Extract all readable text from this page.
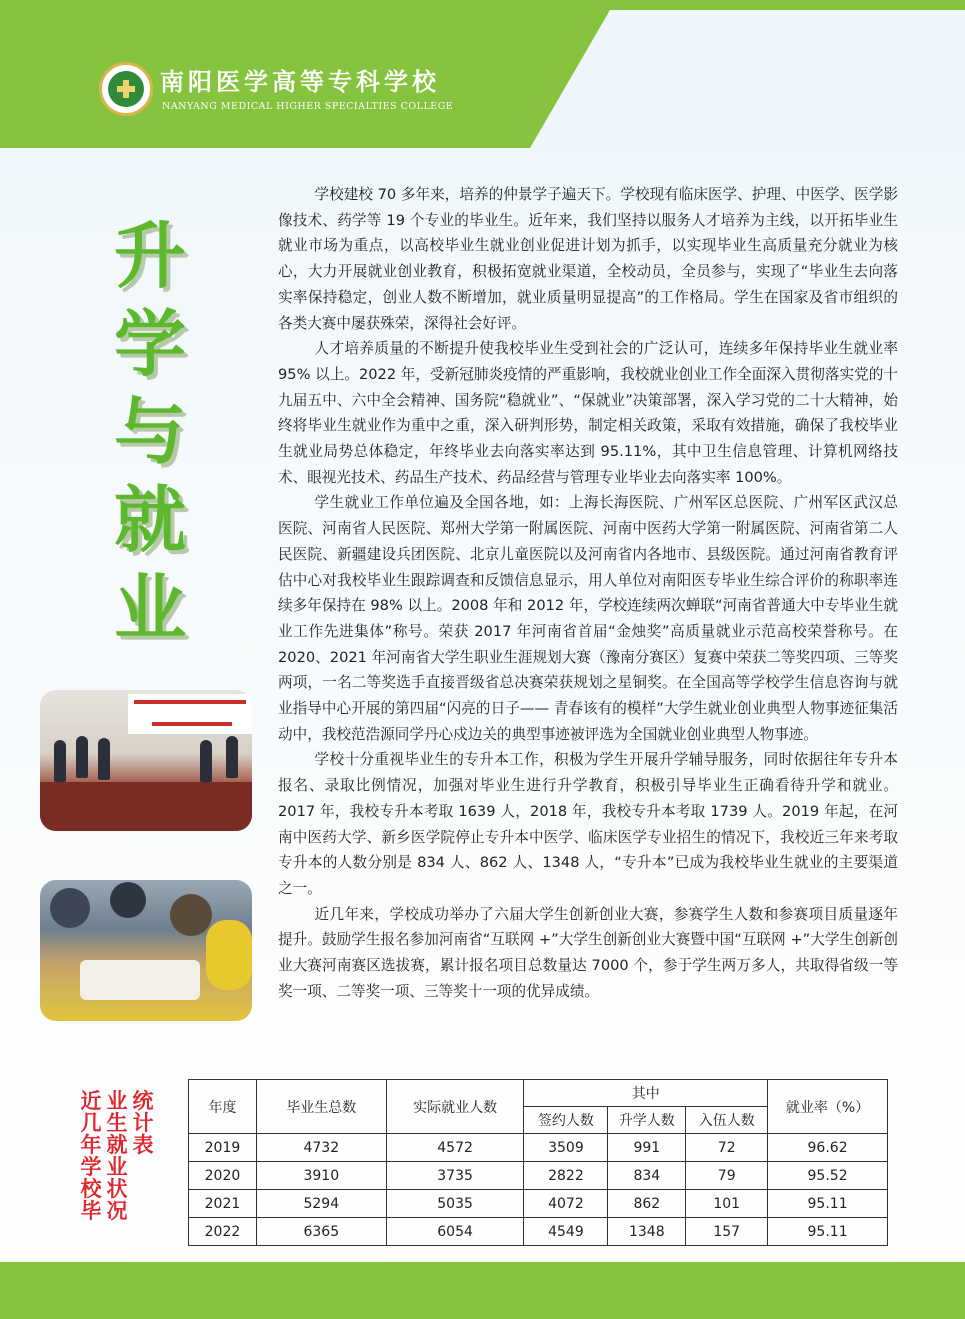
南阳医学高等专科学校
NANYANG MEDICAL HIGHER SPECIALTIES COLLEGE
升
学
与
就
业

学校建校 70 多年来，培养的仲景学子遍天下。学校现有临床医学、护理、中医学、医学影像技术、药学等 19 个专业的毕业生。近年来，我们坚持以服务人才培养为主线，以开拓毕业生就业市场为重点，以高校毕业生就业创业促进计划为抓手，以实现毕业生高质量充分就业为核心，大力开展就业创业教育，积极拓宽就业渠道，全校动员，全员参与，实现了“毕业生去向落实率保持稳定，创业人数不断增加，就业质量明显提高”的工作格局。学生在国家及省市组织的各类大赛中屡获殊荣，深得社会好评。

人才培养质量的不断提升使我校毕业生受到社会的广泛认可，连续多年保持毕业生就业率 95% 以上。2022 年，受新冠肺炎疫情的严重影响，我校就业创业工作全面深入贯彻落实党的十九届五中、六中全会精神、国务院“稳就业”、“保就业”决策部署，深入学习党的二十大精神，始终将毕业生就业作为重中之重，深入研判形势，制定相关政策，采取有效措施，确保了我校毕业生就业局势总体稳定，年终毕业去向落实率达到 95.11%，其中卫生信息管理、计算机网络技术、眼视光技术、药品生产技术、药品经营与管理专业毕业去向落实率 100%。

学生就业工作单位遍及全国各地，如：上海长海医院、广州军区总医院、广州军区武汉总医院、河南省人民医院、郑州大学第一附属医院、河南中医药大学第一附属医院、河南省第二人民医院、新疆建设兵团医院、北京儿童医院以及河南省内各地市、县级医院。通过河南省教育评估中心对我校毕业生跟踪调查和反馈信息显示，用人单位对南阳医专毕业生综合评价的称职率连续多年保持在 98% 以上。2008 年和 2012 年，学校连续两次蝉联“河南省普通大中专毕业生就业工作先进集体”称号。荣获 2017 年河南省首届“金烛奖”高质量就业示范高校荣誉称号。在 2020、2021 年河南省大学生职业生涯规划大赛（豫南分赛区）复赛中荣获二等奖四项、三等奖两项，一名二等奖选手直接晋级省总决赛荣获规划之星铜奖。在全国高等学校学生信息咨询与就业指导中心开展的第四届“闪亮的日子—— 青春该有的模样”大学生就业创业典型人物事迹征集活动中，我校范浩源同学丹心戍边关的典型事迹被评选为全国就业创业典型人物事迹。

学校十分重视毕业生的专升本工作，积极为学生开展升学辅导服务，同时依据往年专升本报名、录取比例情况，加强对毕业生进行升学教育，积极引导毕业生正确看待升学和就业。2017 年，我校专升本考取 1639 人，2018 年，我校专升本考取 1739 人。2019 年起，在河南中医药大学、新乡医学院停止专升本中医学、临床医学专业招生的情况下，我校近三年来考取专升本的人数分别是 834 人、862 人、1348 人，“专升本”已成为我校毕业生就业的主要渠道之一。

近几年来，学校成功举办了六届大学生创新创业大赛，参赛学生人数和参赛项目质量逐年提升。鼓励学生报名参加河南省“互联网 +”大学生创新创业大赛暨中国“互联网 +”大学生创新创业大赛河南赛区选拔赛，累计报名项目总数量达 7000 个，参于学生两万多人，共取得省级一等奖一项、二等奖一项、三等奖十一项的优异成绩。

近
几
年
学
校
毕
业
生
就
业
状
况
统
计
表
年度	毕业生总数	实际就业人数	其中			就业率（%）
			签约人数	升学人数	入伍人数	
2019	4732	4572	3509	991	72	96.62
2020	3910	3735	2822	834	79	95.52
2021	5294	5035	4072	862	101	95.11
2022	6365	6054	4549	1348	157	95.11
